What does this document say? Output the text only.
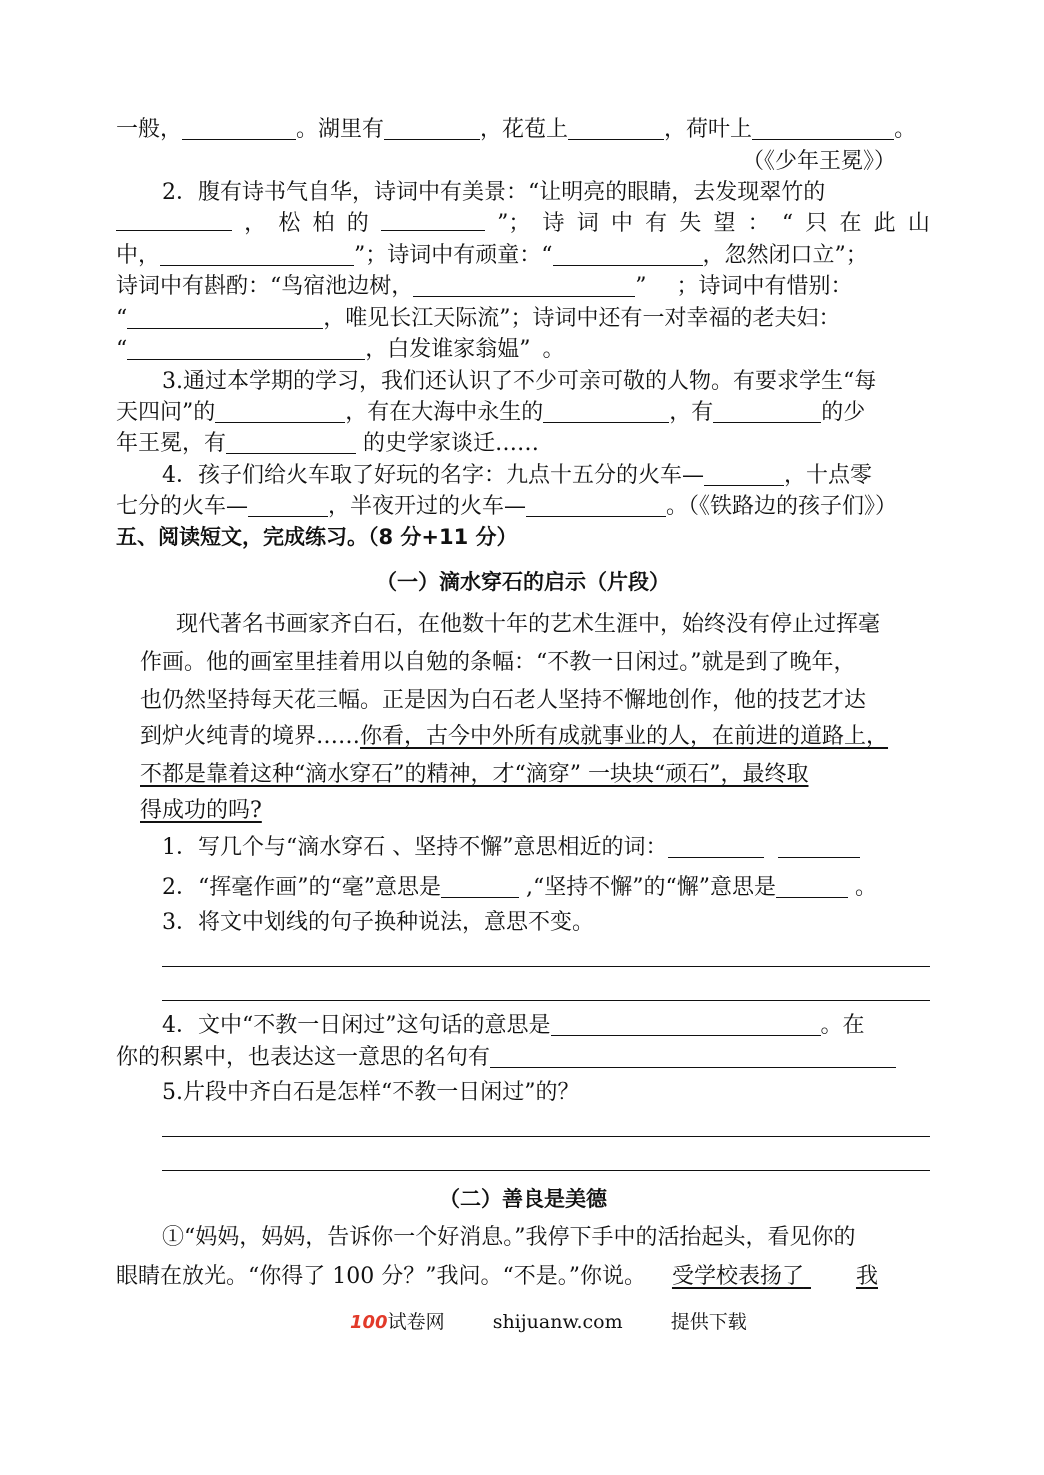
一般，	。湖里有	，花苞上	，荷叶上	。
（《少年王冕》）
2．腹有诗书气自华，诗词中有美景：“让明亮的眼睛，去发现翠竹的
， 松 柏 的	”； 诗 词 中 有 失 望 ： “ 只 在 此 山
中，	”；诗词中有顽童：“	，忽然闭口立”；
诗词中有斟酌：“鸟宿池边树，	” ；诗词中有惜别：
“	，唯见长江天际流”；诗词中还有一对幸福的老夫妇：
“	，白发谁家翁媪” 。
3.通过本学期的学习，我们还认识了不少可亲可敬的人物。有要求学生“每
天四问”的	，有在大海中永生的	，有	的少
年王冕，有	的史学家谈迁……
4．孩子们给火车取了好玩的名字：九点十五分的火车—	，十点零
七分的火车—	，半夜开过的火车—	。（《铁路边的孩子们》）
五、阅读短文，完成练习。（8 分+11 分）
（一）滴水穿石的启示（片段）
现代著名书画家齐白石，在他数十年的艺术生涯中，始终没有停止过挥毫
作画。他的画室里挂着用以自勉的条幅：“不教一日闲过。”就是到了晚年，
也仍然坚持每天花三幅。正是因为白石老人坚持不懈地创作，他的技艺才达
到炉火纯青的境界……你看，古今中外所有成就事业的人，在前进的道路上，
不都是靠着这种“滴水穿石”的精神，才“滴穿” 一块块“顽石”，最终取
得成功的吗?
1．写几个与“滴水穿石 、坚持不懈”意思相近的词：
2．“挥毫作画”的“毫”意思是	,“坚持不懈”的“懈”意思是	。
3．将文中划线的句子换种说法，意思不变。
4．文中“不教一日闲过”这句话的意思是	。在
你的积累中，也表达这一意思的名句有
5.片段中齐白石是怎样“不教一日闲过”的？
（二）善良是美德
①“妈妈，妈妈，告诉你一个好消息。”我停下手中的活抬起头，看见你的
眼睛在放光。“你得了 100 分？”我问。“不是。”你说。 受学校表扬了 我
100试卷网	shijuanw.com	提供下载
